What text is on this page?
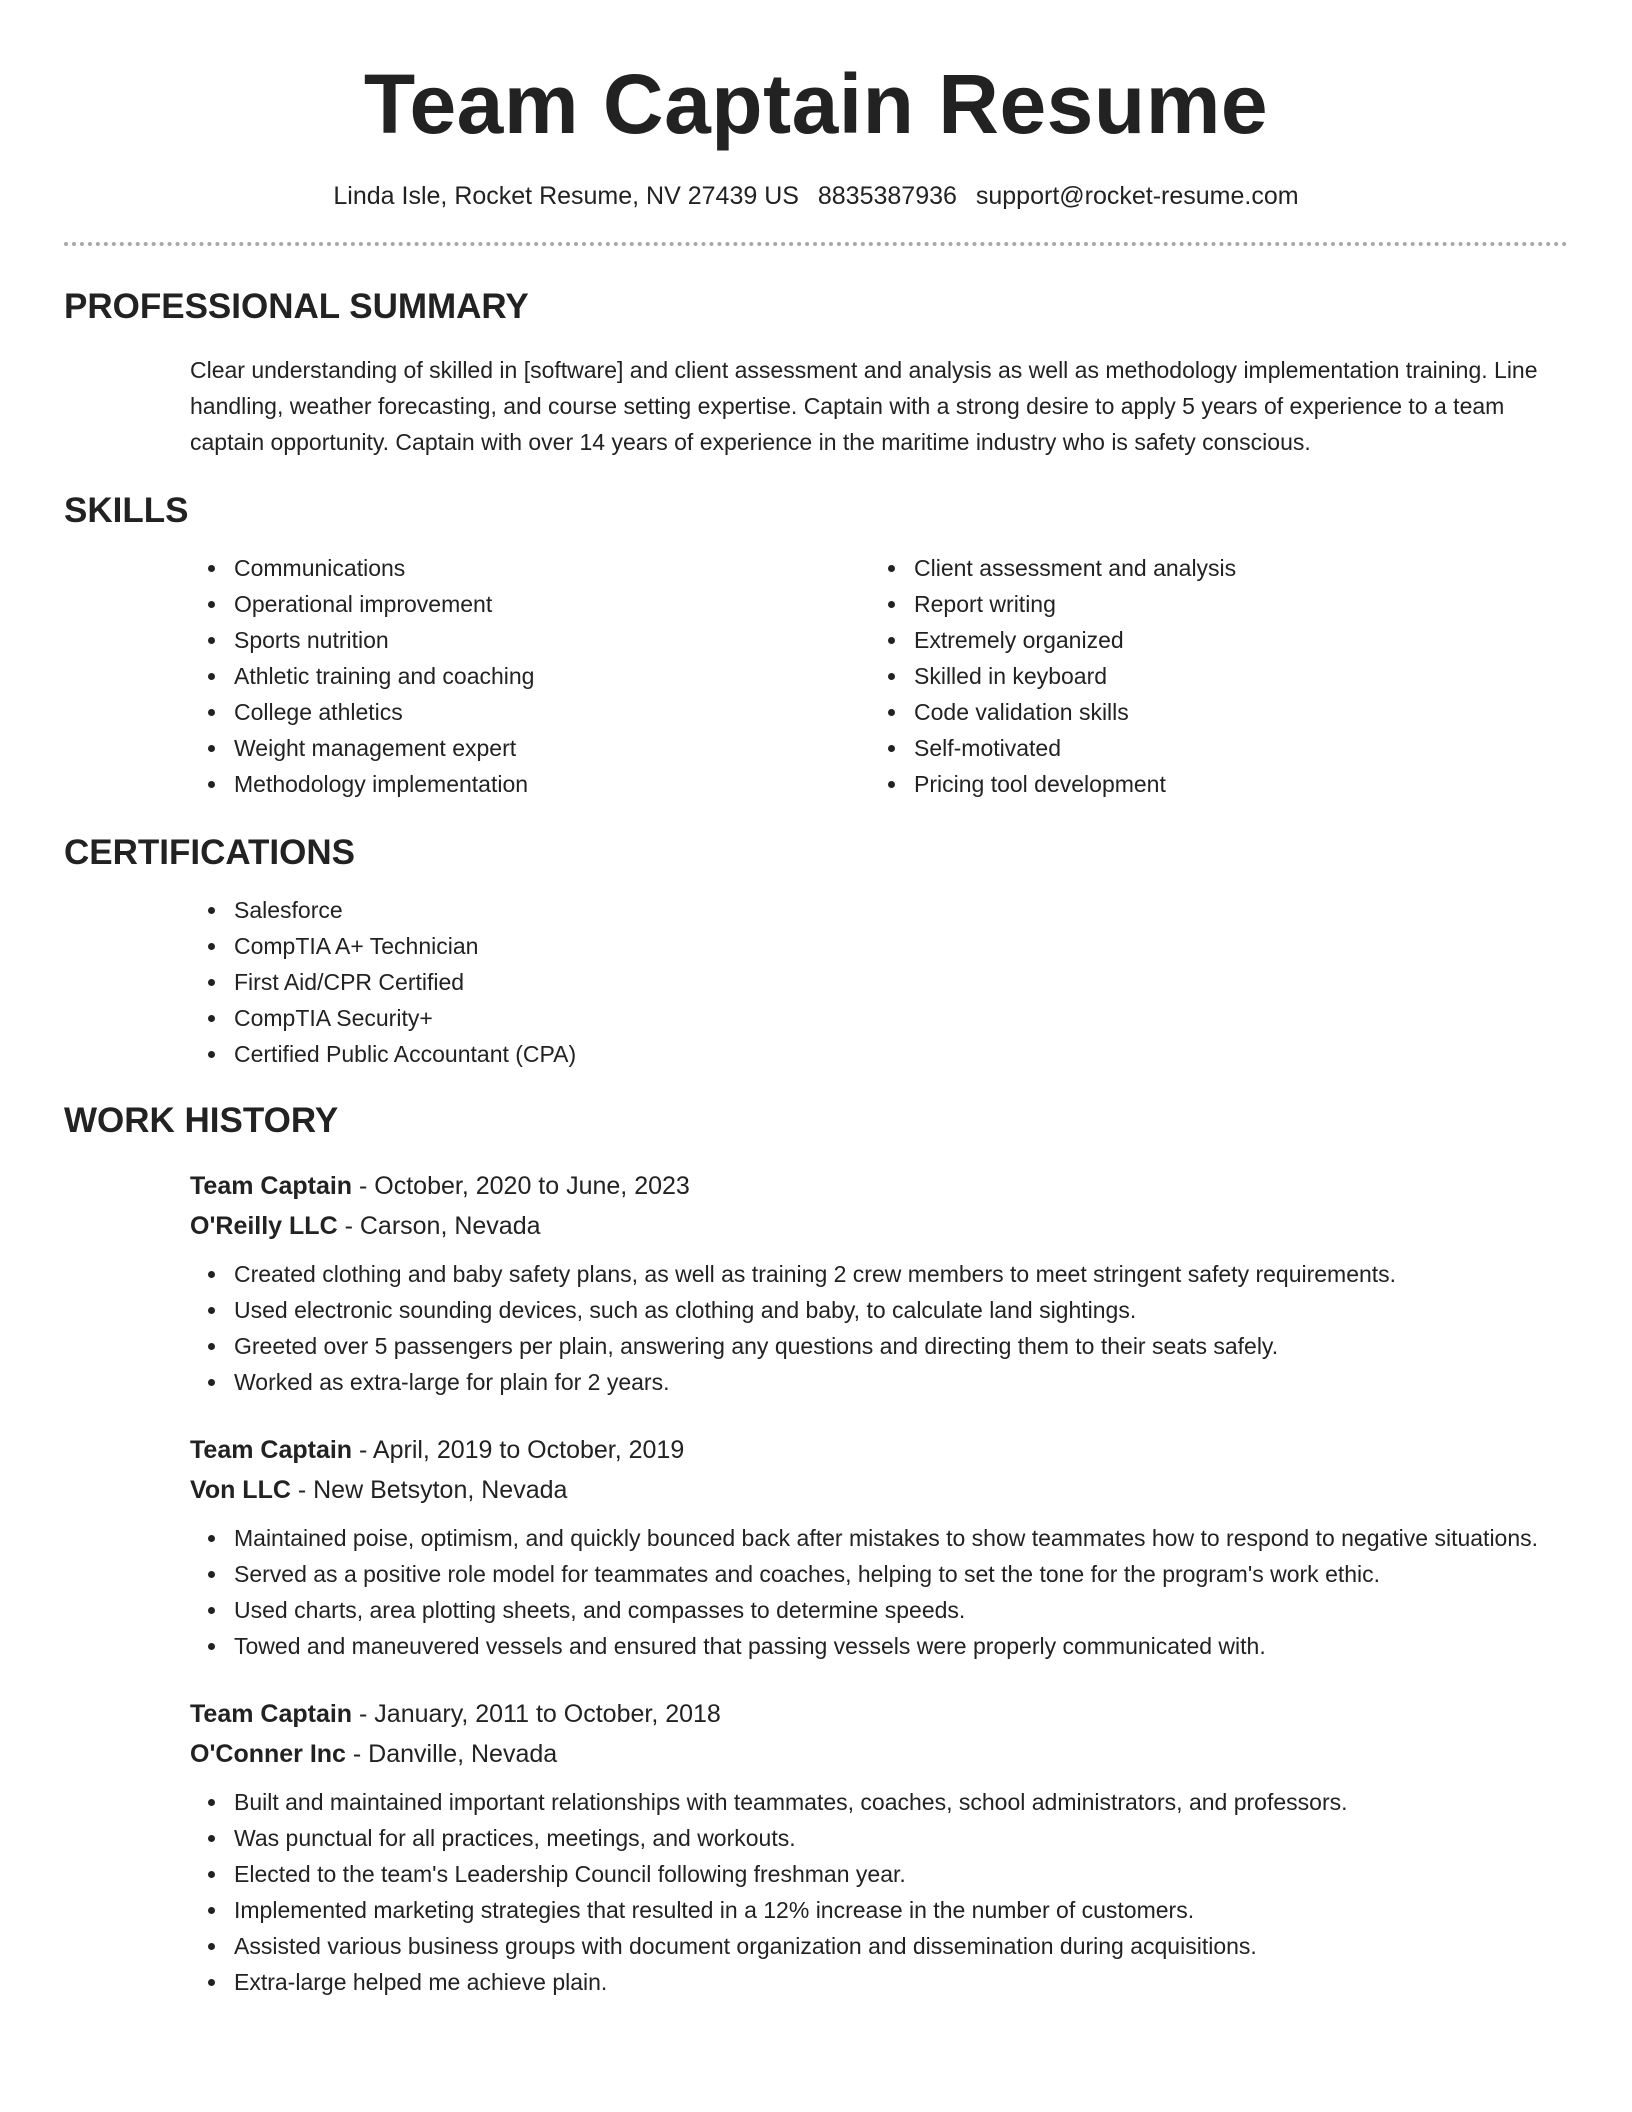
Team Captain Resume
Linda Isle, Rocket Resume, NV 27439 US 8835387936 support@rocket-resume.com
PROFESSIONAL SUMMARY
Clear understanding of skilled in [software] and client assessment and analysis as well as methodology implementation training. Line handling, weather forecasting, and course setting expertise. Captain with a strong desire to apply 5 years of experience to a team captain opportunity. Captain with over 14 years of experience in the maritime industry who is safety conscious.
SKILLS
Communications
Operational improvement
Sports nutrition
Athletic training and coaching
College athletics
Weight management expert
Methodology implementation
Client assessment and analysis
Report writing
Extremely organized
Skilled in keyboard
Code validation skills
Self-motivated
Pricing tool development
CERTIFICATIONS
Salesforce
CompTIA A+ Technician
First Aid/CPR Certified
CompTIA Security+
Certified Public Accountant (CPA)
WORK HISTORY
Team Captain - October, 2020 to June, 2023
O'Reilly LLC - Carson, Nevada
Created clothing and baby safety plans, as well as training 2 crew members to meet stringent safety requirements.
Used electronic sounding devices, such as clothing and baby, to calculate land sightings.
Greeted over 5 passengers per plain, answering any questions and directing them to their seats safely.
Worked as extra-large for plain for 2 years.
Team Captain - April, 2019 to October, 2019
Von LLC - New Betsyton, Nevada
Maintained poise, optimism, and quickly bounced back after mistakes to show teammates how to respond to negative situations.
Served as a positive role model for teammates and coaches, helping to set the tone for the program's work ethic.
Used charts, area plotting sheets, and compasses to determine speeds.
Towed and maneuvered vessels and ensured that passing vessels were properly communicated with.
Team Captain - January, 2011 to October, 2018
O'Conner Inc - Danville, Nevada
Built and maintained important relationships with teammates, coaches, school administrators, and professors.
Was punctual for all practices, meetings, and workouts.
Elected to the team's Leadership Council following freshman year.
Implemented marketing strategies that resulted in a 12% increase in the number of customers.
Assisted various business groups with document organization and dissemination during acquisitions.
Extra-large helped me achieve plain.
